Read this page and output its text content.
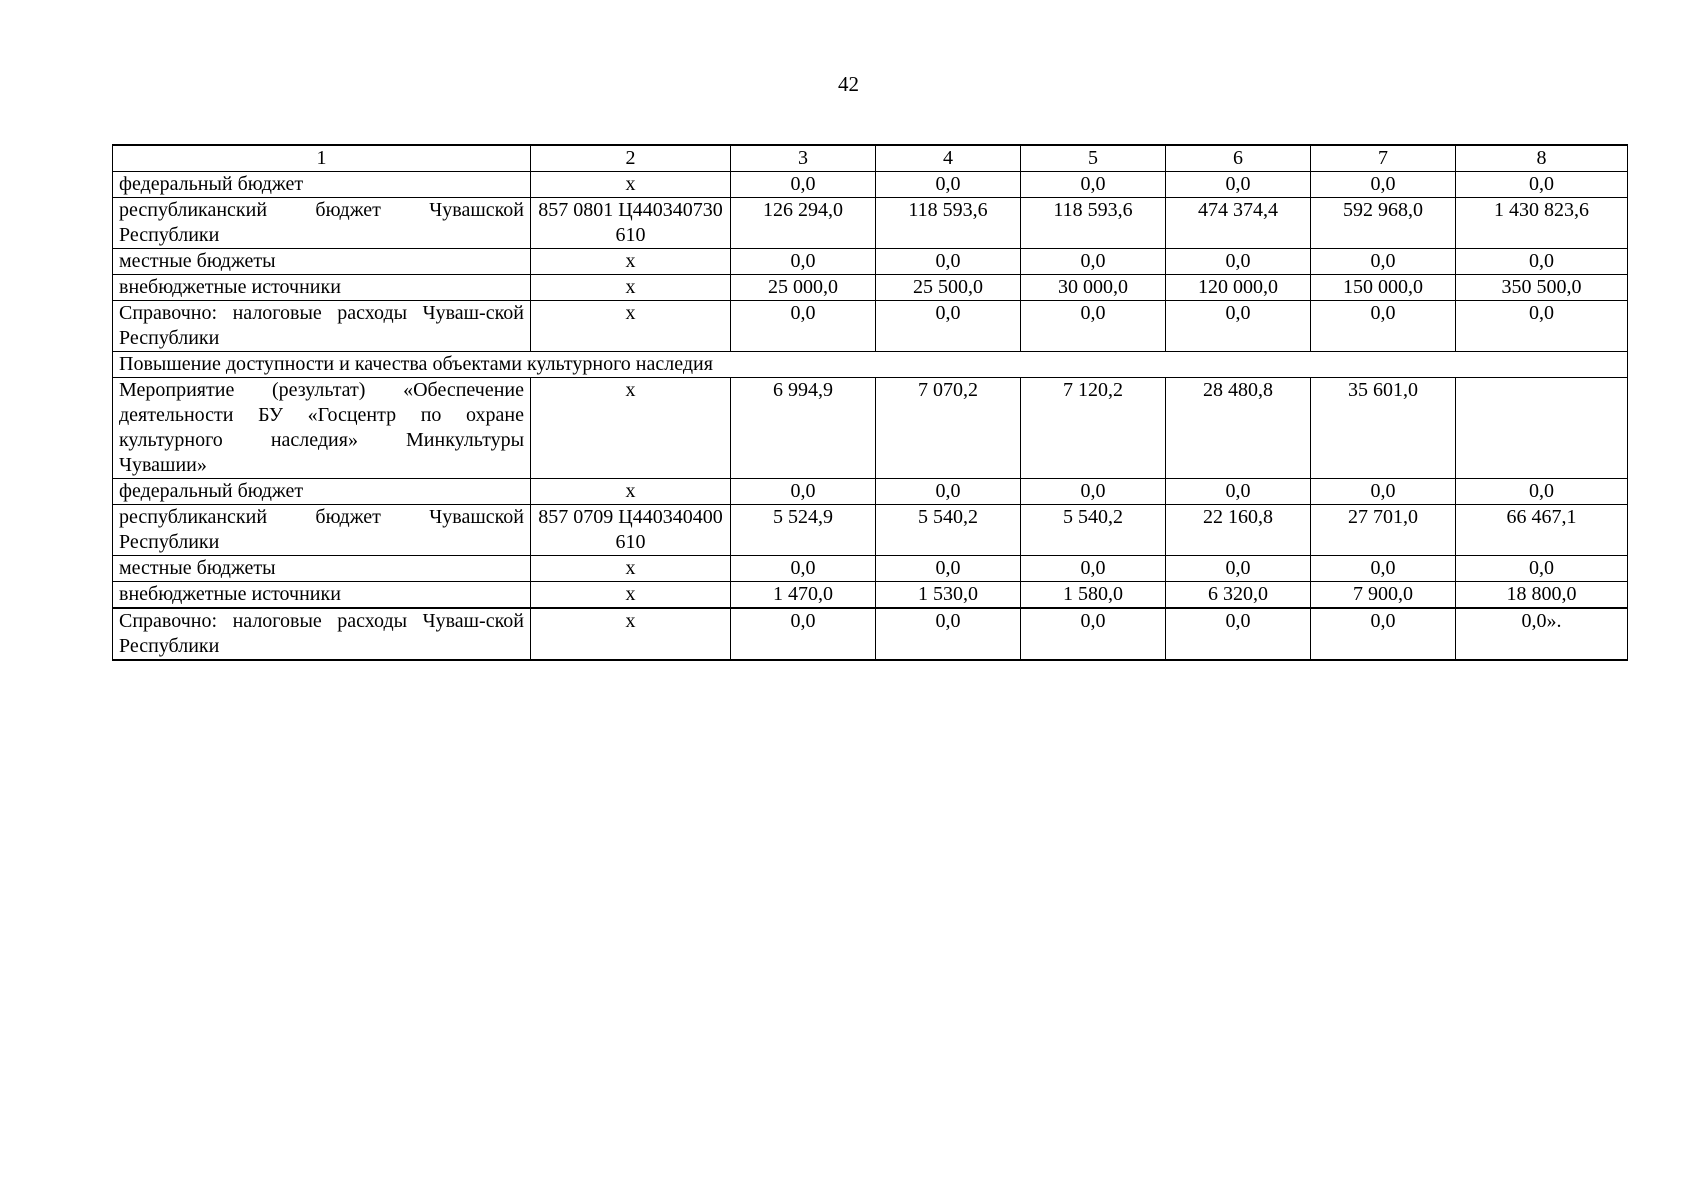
42
1	2	3	4	5	6	7	8
федеральный бюджет	х	0,0	0,0	0,0	0,0	0,0	0,0
республиканский бюджет Чувашской Республики	857 0801 Ц440340730 610	126 294,0	118 593,6	118 593,6	474 374,4	592 968,0	1 430 823,6
местные бюджеты	х	0,0	0,0	0,0	0,0	0,0	0,0
внебюджетные источники	х	25 000,0	25 500,0	30 000,0	120 000,0	150 000,0	350 500,0
Справочно: налоговые расходы Чуваш-ской Республики	х	0,0	0,0	0,0	0,0	0,0	0,0
Повышение доступности и качества объектами культурного наследия							
Мероприятие (результат) «Обеспечение деятельности БУ «Госцентр по охране культурного наследия» Минкультуры Чувашии»	х	6 994,9	7 070,2	7 120,2	28 480,8	35 601,0	
федеральный бюджет	х	0,0	0,0	0,0	0,0	0,0	0,0
республиканский бюджет Чувашской Республики	857 0709 Ц440340400 610	5 524,9	5 540,2	5 540,2	22 160,8	27 701,0	66 467,1
местные бюджеты	х	0,0	0,0	0,0	0,0	0,0	0,0
внебюджетные источники	х	1 470,0	1 530,0	1 580,0	6 320,0	7 900,0	18 800,0
Справочно: налоговые расходы Чуваш-ской Республики	х	0,0	0,0	0,0	0,0	0,0	0,0».
